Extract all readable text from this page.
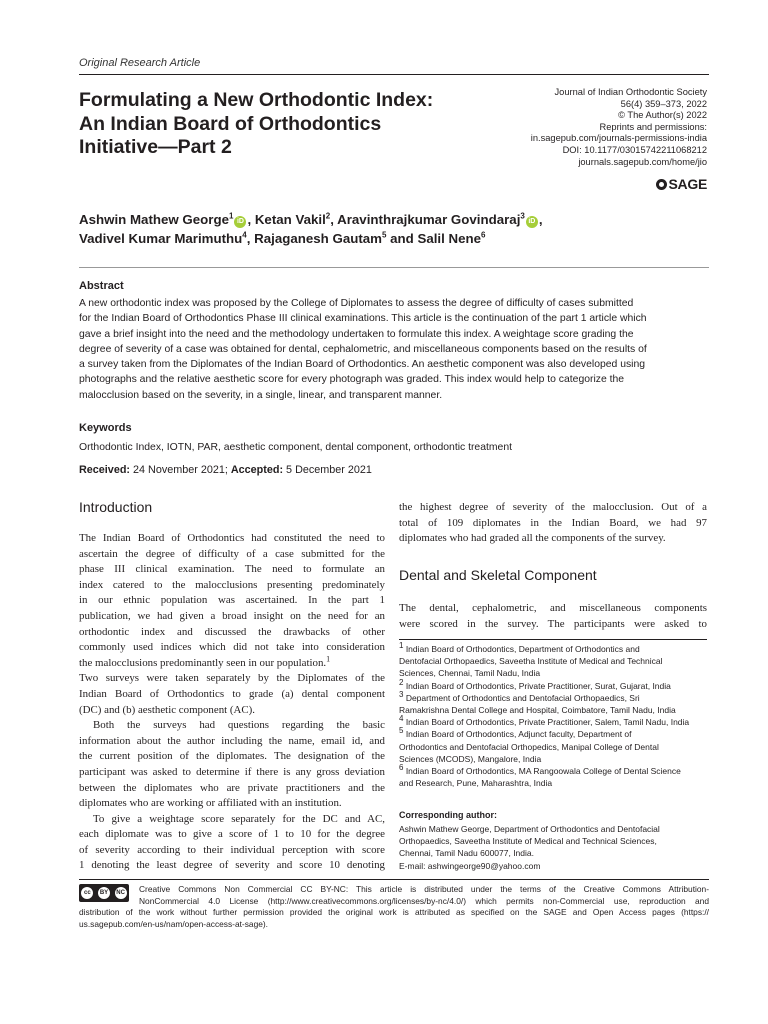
Original Research Article
Formulating a New Orthodontic Index:
An Indian Board of Orthodontics
Initiative—Part 2
Journal of Indian Orthodontic Society
56(4) 359–373, 2022
© The Author(s) 2022
Reprints and permissions:
in.sagepub.com/journals-permissions-india
DOI: 10.1177/03015742211068212
journals.sagepub.com/home/jio
SAGE
Ashwin Mathew George$^1$iD , Ketan Vakil$^2$, Aravinthrajkumar Govindaraj$^3$iD ,
Vadivel Kumar Marimuthu$^4$, Rajaganesh Gautam$^5$ and Salil Nene$^6$
Abstract
A new orthodontic index was proposed by the College of Diplomates to assess the degree of difficulty of cases submitted
for the Indian Board of Orthodontics Phase III clinical examinations. This article is the continuation of the part 1 article which
gave a brief insight into the need and the methodology undertaken to formulate this index. A weightage score grading the
degree of severity of a case was obtained for dental, cephalometric, and miscellaneous components based on the results of
a survey taken from the Diplomates of the Indian Board of Orthodontics. An aesthetic component was also developed using
photographs and the relative aesthetic score for every photograph was graded. This index would help to categorize the
malocclusion based on the severity, in a single, linear, and transparent manner.
Keywords
Orthodontic Index, IOTN, PAR, aesthetic component, dental component, orthodontic treatment
Received: 24 November 2021; Accepted: 5 December 2021
Introduction
The Indian Board of Orthodontics had constituted the need to
ascertain the degree of difficulty of a case submitted for the
phase III clinical examination. The need to formulate an
index catered to the malocclusions presenting predominately
in our ethnic population was ascertained. In the part 1
publication, we had given a broad insight on the need for an
orthodontic index and discussed the drawbacks of other
commonly used indices which did not take into consideration
the malocclusions predominantly seen in our population.$^1$
Two surveys were taken separately by the Diplomates of the
Indian Board of Orthodontics to grade (a) dental component
(DC) and (b) aesthetic component (AC).
Both the surveys had questions regarding the basic
information about the author including the name, email id, and
the current position of the diplomates. The designation of the
participant was asked to determine if there is any gross deviation
between the diplomates who are private practitioners and the
diplomates who are working or affiliated with an institution.
To give a weightage score separately for the DC and AC,
each diplomate was to give a score of 1 to 10 for the degree
of severity according to their individual perception with score
1 denoting the least degree of severity and score 10 denoting
the highest degree of severity of the malocclusion. Out of a
total of 109 diplomates in the Indian Board, we had 97
diplomates who had graded all the components of the survey.
Dental and Skeletal Component
The dental, cephalometric, and miscellaneous components
were scored in the survey. The participants were asked to
$^1$ Indian Board of Orthodontics, Department of Orthodontics and
Dentofacial Orthopaedics, Saveetha Institute of Medical and Technical
Sciences, Chennai, Tamil Nadu, India
$^2$ Indian Board of Orthodontics, Private Practitioner, Surat, Gujarat, India
$^3$ Department of Orthodontics and Dentofacial Orthopaedics, Sri
Ramakrishna Dental College and Hospital, Coimbatore, Tamil Nadu, India
$^4$ Indian Board of Orthodontics, Private Practitioner, Salem, Tamil Nadu, India
$^5$ Indian Board of Orthodontics, Adjunct faculty, Department of
Orthodontics and Dentofacial Orthopedics, Manipal College of Dental
Sciences (MCODS), Mangalore, India
$^6$ Indian Board of Orthodontics, MA Rangoowala College of Dental Science
and Research, Pune, Maharashtra, India
Corresponding author:
Ashwin Mathew George, Department of Orthodontics and Dentofacial
Orthopaedics, Saveetha Institute of Medical and Technical Sciences,
Chennai, Tamil Nadu 600077, India.
E-mail: ashwingeorge90@yahoo.com
cc	BY	NC	Creative Commons Non Commercial CC BY-NC: This article is distributed under the terms of the Creative Commons Attribution-
NonCommercial 4.0 License (http://www.creativecommons.org/licenses/by-nc/4.0/) which permits non-Commercial use, reproduction and
distribution of the work without further permission provided the original work is attributed as specified on the SAGE and Open Access pages (https://
us.sagepub.com/en-us/nam/open-access-at-sage).
